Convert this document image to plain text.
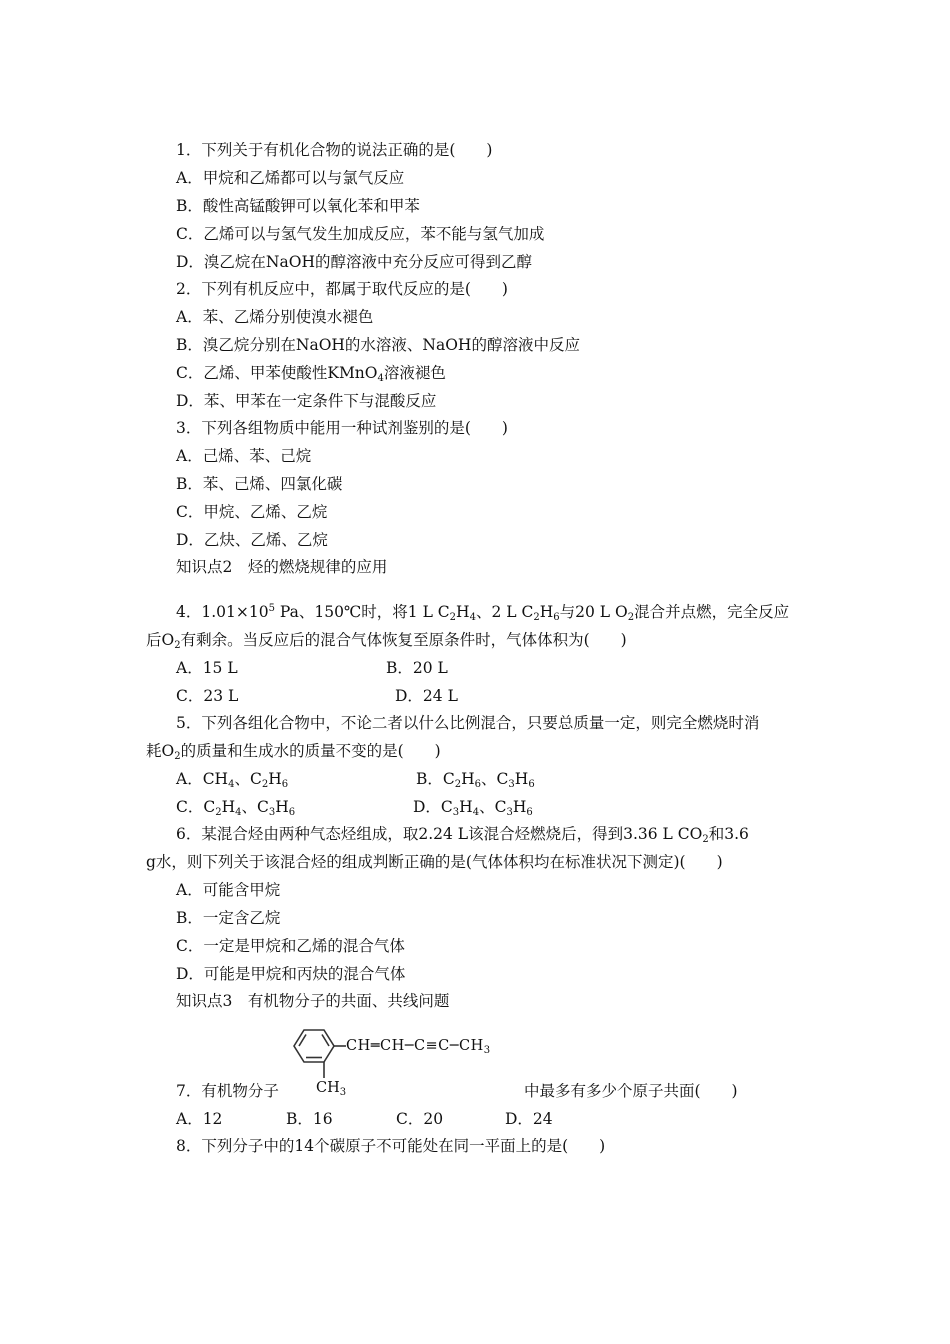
1．下列关于有机化合物的说法正确的是(　　)
A．甲烷和乙烯都可以与氯气反应
B．酸性高锰酸钾可以氧化苯和甲苯
C．乙烯可以与氢气发生加成反应，苯不能与氢气加成
D．溴乙烷在NaOH的醇溶液中充分反应可得到乙醇
2．下列有机反应中，都属于取代反应的是(　　)
A．苯、乙烯分别使溴水褪色
B．溴乙烷分别在NaOH的水溶液、NaOH的醇溶液中反应
C．乙烯、甲苯使酸性KMnO$_4$溶液褪色
D．苯、甲苯在一定条件下与混酸反应
3．下列各组物质中能用一种试剂鉴别的是(　　)
A．己烯、苯、己烷
B．苯、己烯、四氯化碳
C．甲烷、乙烯、乙烷
D．乙炔、乙烯、乙烷
知识点2　烃的燃烧规律的应用
4．$1.01\times 10^5$ Pa、150℃时，将1 L $C_2H_4$、2 L $C_2H_6$与20 L $O_2$混合并点燃，完全反应
后$O_2$有剩余。当反应后的混合气体恢复至原条件时，气体体积为(　　)
A．15 L	B．20 L
C．23 L	D．24 L
5．下列各组化合物中，不论二者以什么比例混合，只要总质量一定，则完全燃烧时消
耗$O_2$的质量和生成水的质量不变的是(　　)
A．$CH_4$、$C_2H_6$	B．$C_2H_6$、$C_3H_6$
C．$C_2H_4$、$C_3H_6$	D．$C_3H_4$、$C_3H_6$
6．某混合烃由两种气态烃组成，取2.24 L该混合烃燃烧后，得到3.36 L $CO_2$和3.6
g水，则下列关于该混合烃的组成判断正确的是(气体体积均在标准状况下测定)(　　)
A．可能含甲烷
B．一定含乙烷
C．一定是甲烷和乙烯的混合气体
D．可能是甲烷和丙炔的混合气体
知识点3　有机物分子的共面、共线问题
$CH═CH─C\equiv C─CH_3$
$CH_3$
7．有机物分子	中最多有多少个原子共面(　　)
A．12	B．16	C．20	D．24
8．下列分子中的14个碳原子不可能处在同一平面上的是(　　)
